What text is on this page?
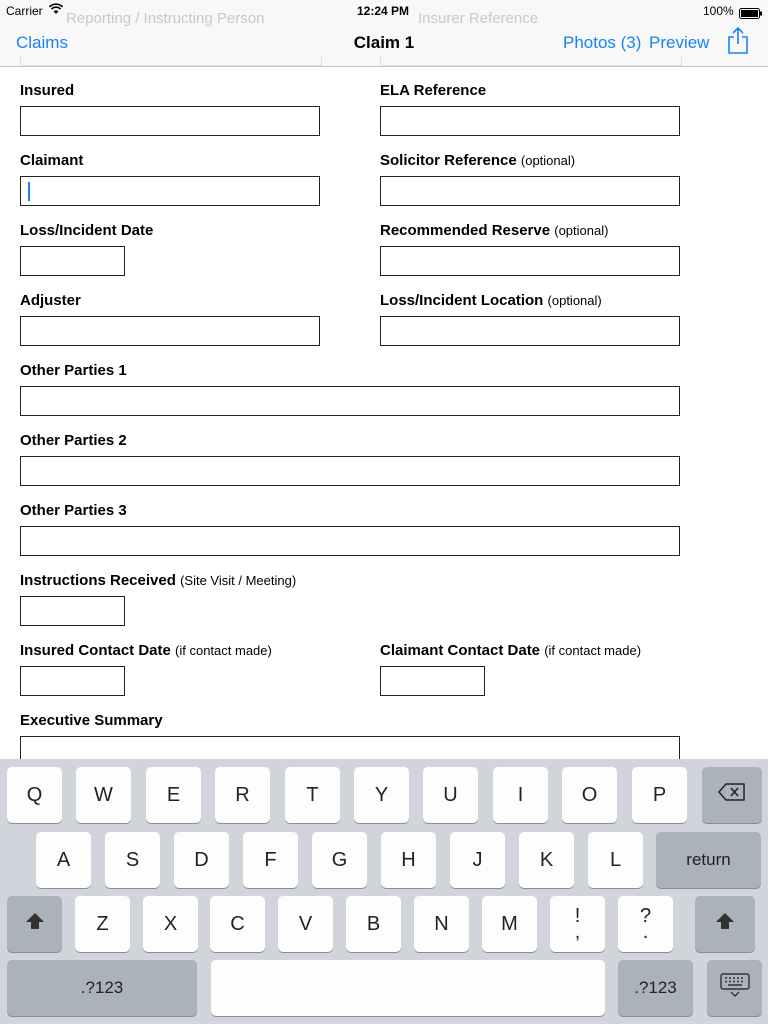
Reporting / Instructing Person	Insurer Reference
Carrier	12:24 PM	100%
Claims	Claim 1	Photos (3) Preview
Insured	ELA Reference
Claimant	Solicitor Reference (optional)
Loss/Incident Date	Recommended Reserve (optional)
Adjuster	Loss/Incident Location (optional)
Other Parties 1
Other Parties 2
Other Parties 3
Instructions Received (Site Visit / Meeting)
Insured Contact Date (if contact made)	Claimant Contact Date (if contact made)
Executive Summary
Q	W	E	R	T	Y	U	I	O	P
A	S	D	F	G	H	J	K	L	return
Z	X	C	V	B	N	M	!
,
?
.
.?123	.?123
